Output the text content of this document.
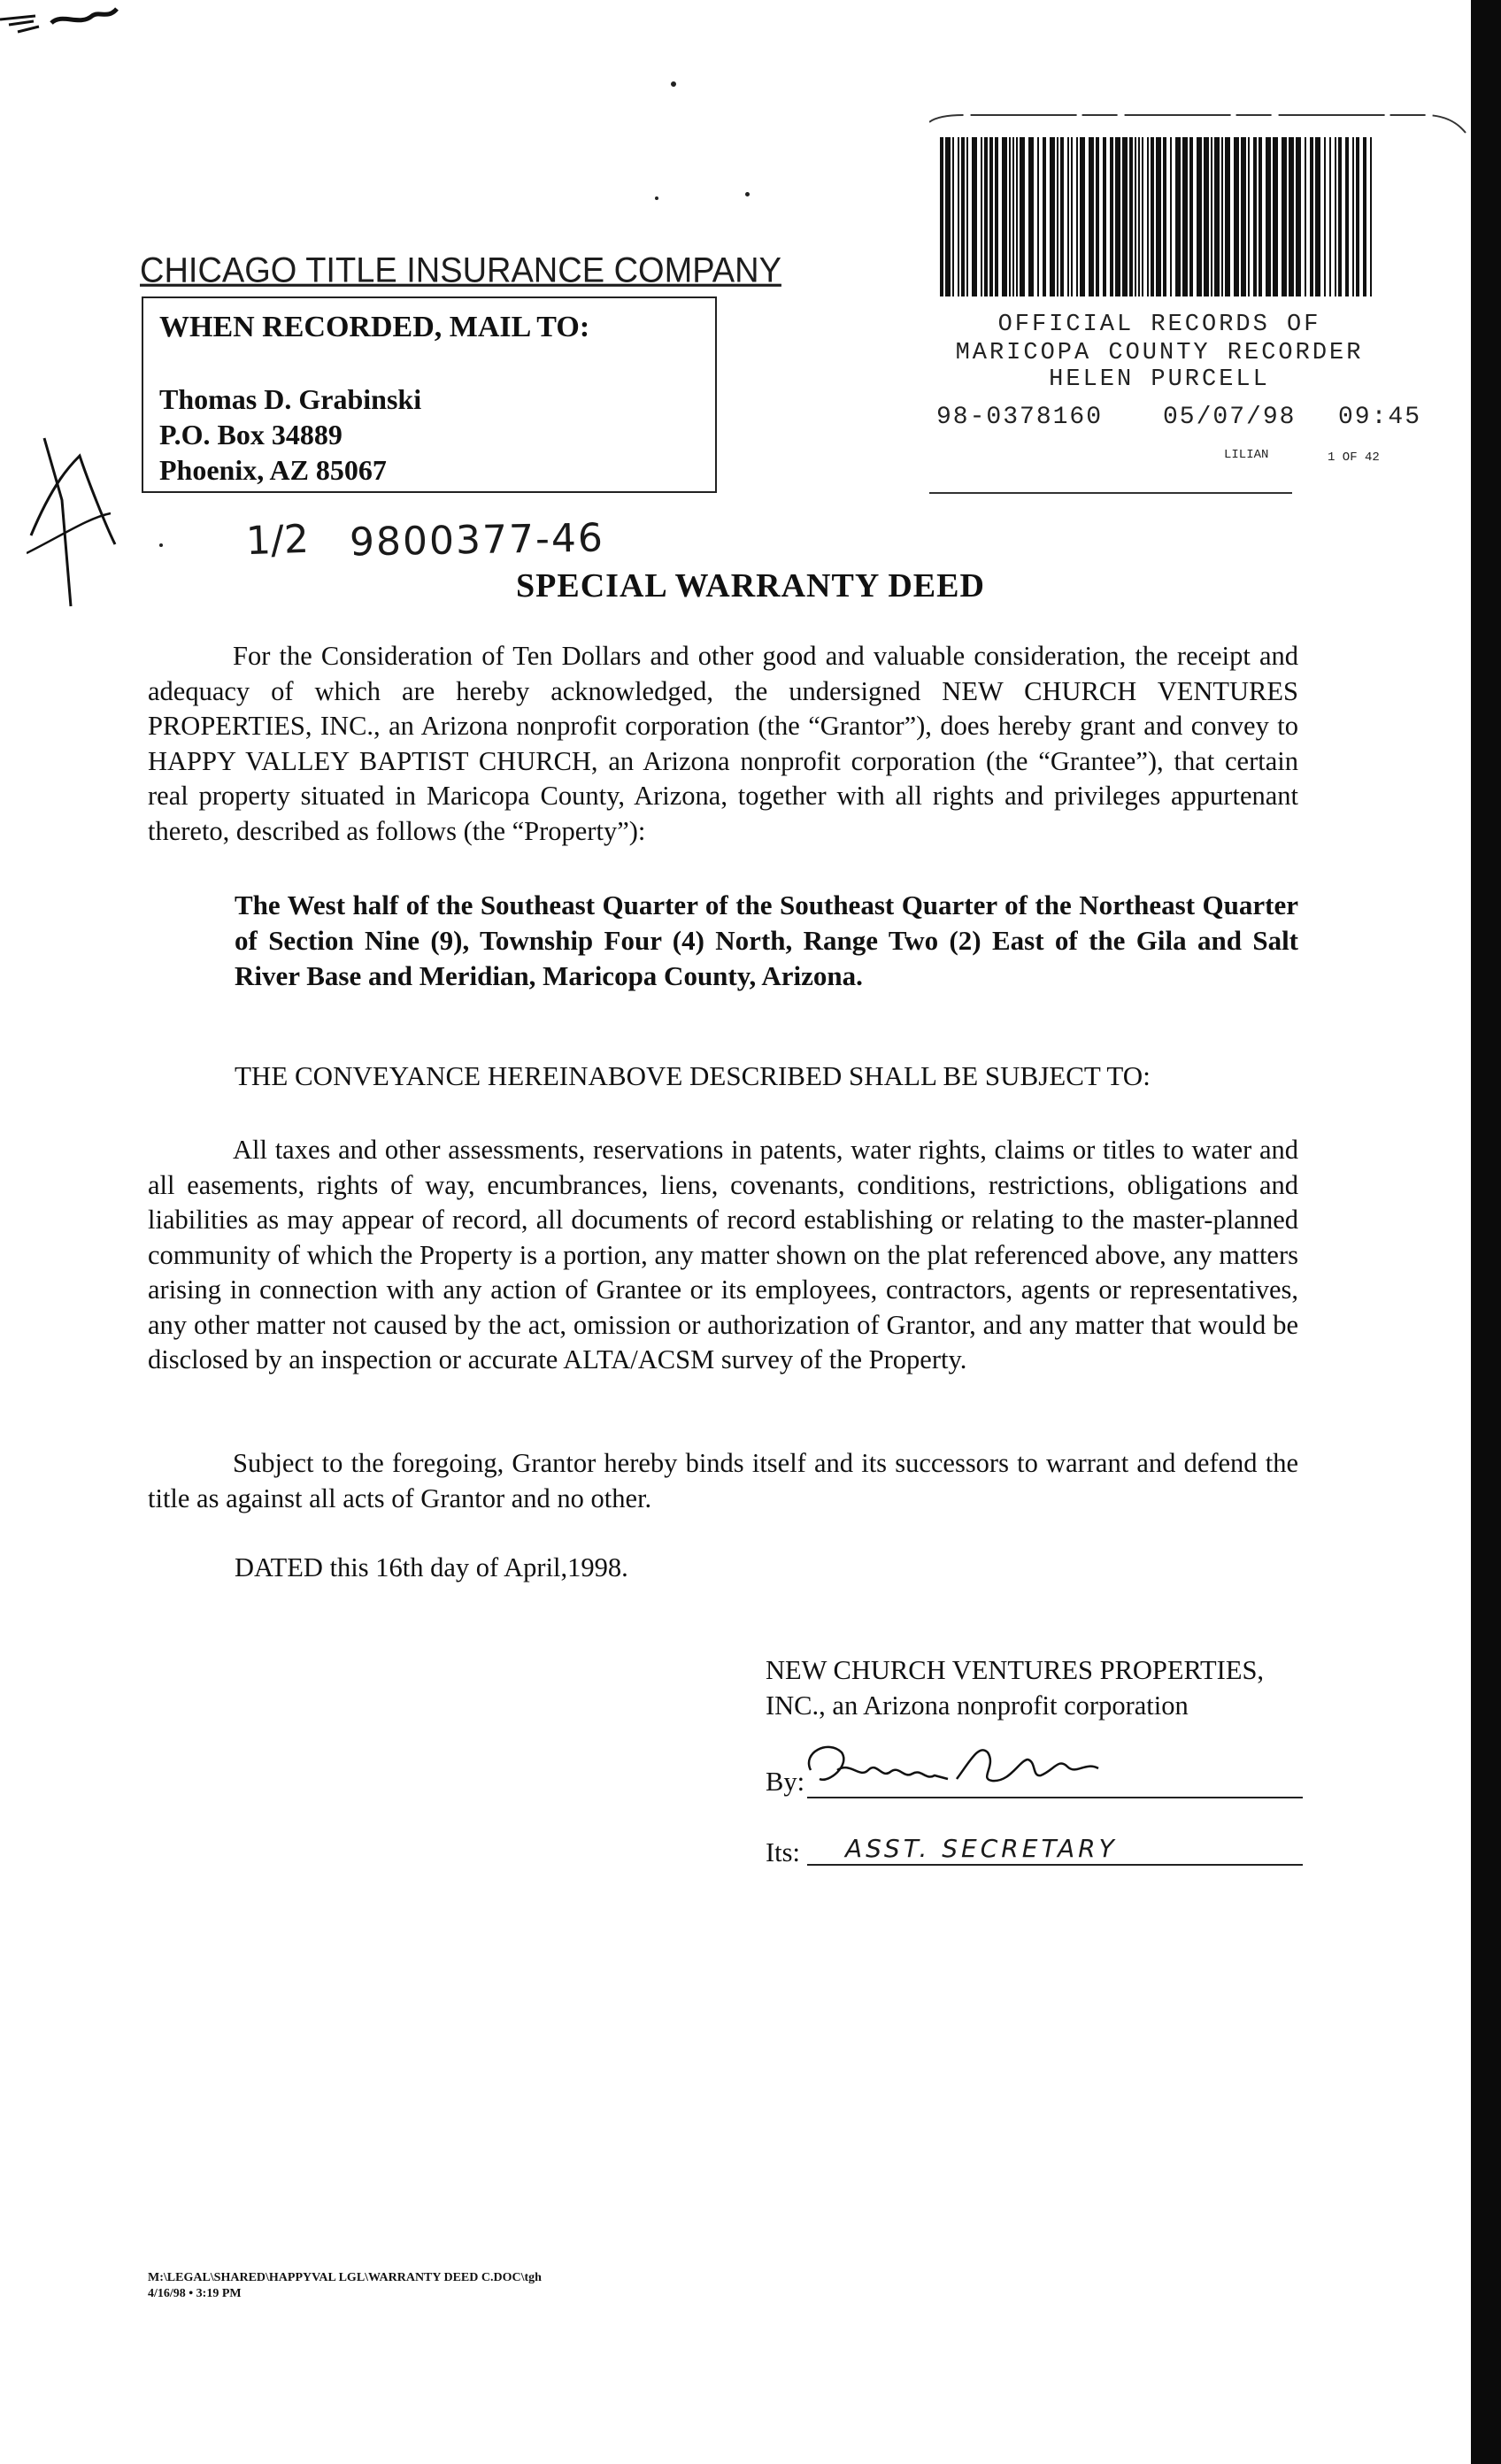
CHICAGO TITLE INSURANCE COMPANY
WHEN RECORDED, MAIL TO:
Thomas D. Grabinski
P.O. Box 34889
Phoenix, AZ 85067
OFFICIAL RECORDS OF
MARICOPA COUNTY RECORDER
HELEN PURCELL
98-0378160	05/07/98	09:45
LILIAN	1 OF 42
1/2 9800377-46
SPECIAL WARRANTY DEED

For the Consideration of Ten Dollars and other good and valuable consideration, the receipt and adequacy of which are hereby acknowledged, the undersigned NEW CHURCH VENTURES PROPERTIES, INC., an Arizona nonprofit corporation (the “Grantor”), does hereby grant and convey to HAPPY VALLEY BAPTIST CHURCH, an Arizona nonprofit corporation (the “Grantee”), that certain real property situated in Maricopa County, Arizona, together with all rights and privileges appurtenant thereto, described as follows (the “Property”):

The West half of the Southeast Quarter of the Southeast Quarter of the Northeast Quarter of Section Nine (9), Township Four (4) North, Range Two (2) East of the Gila and Salt River Base and Meridian, Maricopa County, Arizona.
THE CONVEYANCE HEREINABOVE DESCRIBED SHALL BE SUBJECT TO:

All taxes and other assessments, reservations in patents, water rights, claims or titles to water and all easements, rights of way, encumbrances, liens, covenants, conditions, restrictions, obligations and liabilities as may appear of record, all documents of record establishing or relating to the master-planned community of which the Property is a portion, any matter shown on the plat referenced above, any matters arising in connection with any action of Grantee or its employees, contractors, agents or representatives, any other matter not caused by the act, omission or authorization of Grantor, and any matter that would be disclosed by an inspection or accurate ALTA/ACSM survey of the Property.

Subject to the foregoing, Grantor hereby binds itself and its successors to warrant and defend the title as against all acts of Grantor and no other.

DATED this 16th day of April,1998.
NEW CHURCH VENTURES PROPERTIES,
INC., an Arizona nonprofit corporation
By:
Its: ASST. SECRETARY
M:\LEGAL\SHARED\HAPPYVAL LGL\WARRANTY DEED C.DOC\tgh
4/16/98 • 3:19 PM
